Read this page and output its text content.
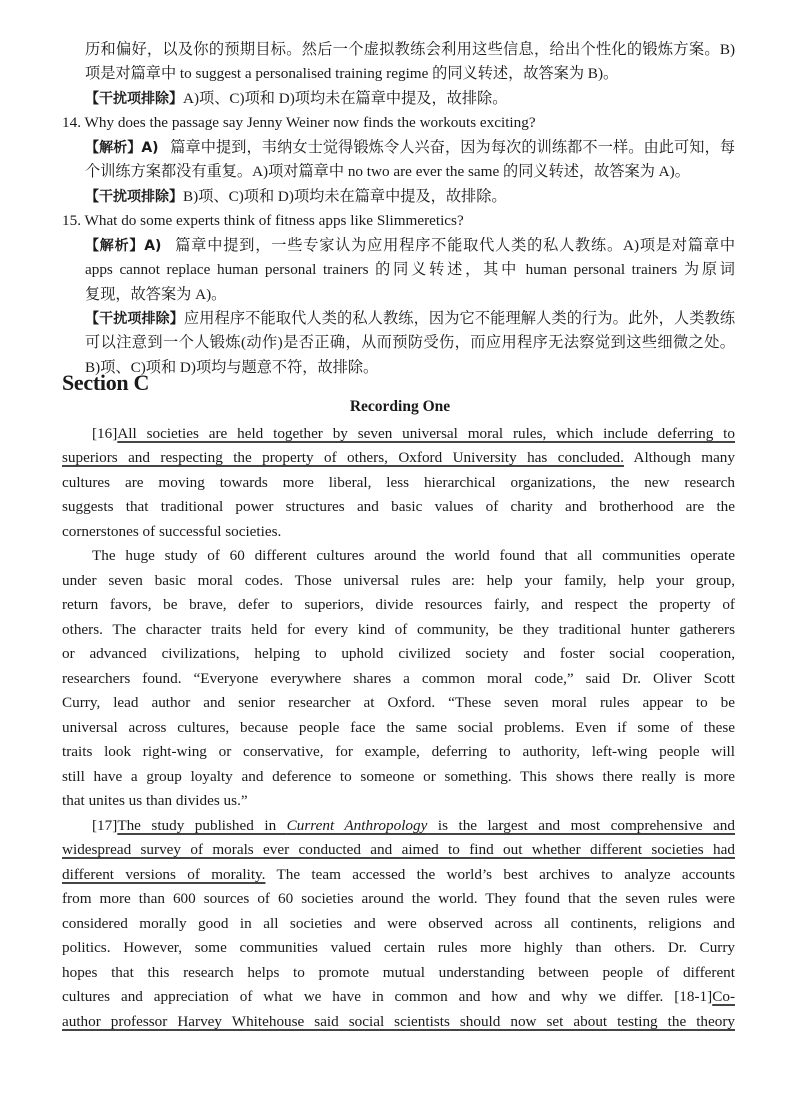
历和偏好，以及你的预期目标。然后一个虚拟教练会利用这些信息，给出个性化的锻炼方案。B)
项是对篇章中 to suggest a personalised training regime 的同义转述，故答案为 B)。
【干扰项排除】A)项、C)项和 D)项均未在篇章中提及，故排除。
14. Why does the passage say Jenny Weiner now finds the workouts exciting?
【解析】A) 篇章中提到，韦纳女士觉得锻炼令人兴奋，因为每次的训练都不一样。由此可知，每
个训练方案都没有重复。A)项对篇章中 no two are ever the same 的同义转述，故答案为 A)。
【干扰项排除】B)项、C)项和 D)项均未在篇章中提及，故排除。
15. What do some experts think of fitness apps like Slimmeretics?
【解析】A) 篇章中提到，一些专家认为应用程序不能取代人类的私人教练。A)项是对篇章中
apps cannot replace human personal trainers 的同义转述，其中 human personal trainers 为原词
复现，故答案为 A)。
【干扰项排除】应用程序不能取代人类的私人教练，因为它不能理解人类的行为。此外，人类教练
可以注意到一个人锻炼(动作)是否正确，从而预防受伤，而应用程序无法察觉到这些细微之处。
B)项、C)项和 D)项均与题意不符，故排除。
Section C
Recording One
[16]All societies are held together by seven universal moral rules, which include deferring to
superiors and respecting the property of others, Oxford University has concluded. Although many
cultures are moving towards more liberal, less hierarchical organizations, the new research
suggests that traditional power structures and basic values of charity and brotherhood are the
cornerstones of successful societies.
The huge study of 60 different cultures around the world found that all communities operate
under seven basic moral codes. Those universal rules are: help your family, help your group,
return favors, be brave, defer to superiors, divide resources fairly, and respect the property of
others. The character traits held for every kind of community, be they traditional hunter gatherers
or advanced civilizations, helping to uphold civilized society and foster social cooperation,
researchers found. “Everyone everywhere shares a common moral code,” said Dr. Oliver Scott
Curry, lead author and senior researcher at Oxford. “These seven moral rules appear to be
universal across cultures, because people face the same social problems. Even if some of these
traits look right-wing or conservative, for example, deferring to authority, left-wing people will
still have a group loyalty and deference to someone or something. This shows there really is more
that unites us than divides us.”
[17]The study published in Current Anthropology is the largest and most comprehensive and
widespread survey of morals ever conducted and aimed to find out whether different societies had
different versions of morality. The team accessed the world’s best archives to analyze accounts
from more than 600 sources of 60 societies around the world. They found that the seven rules were
considered morally good in all societies and were observed across all continents, religions and
politics. However, some communities valued certain rules more highly than others. Dr. Curry
hopes that this research helps to promote mutual understanding between people of different
cultures and appreciation of what we have in common and how and why we differ. [18-1]Co-
author professor Harvey Whitehouse said social scientists should now set about testing the theory
